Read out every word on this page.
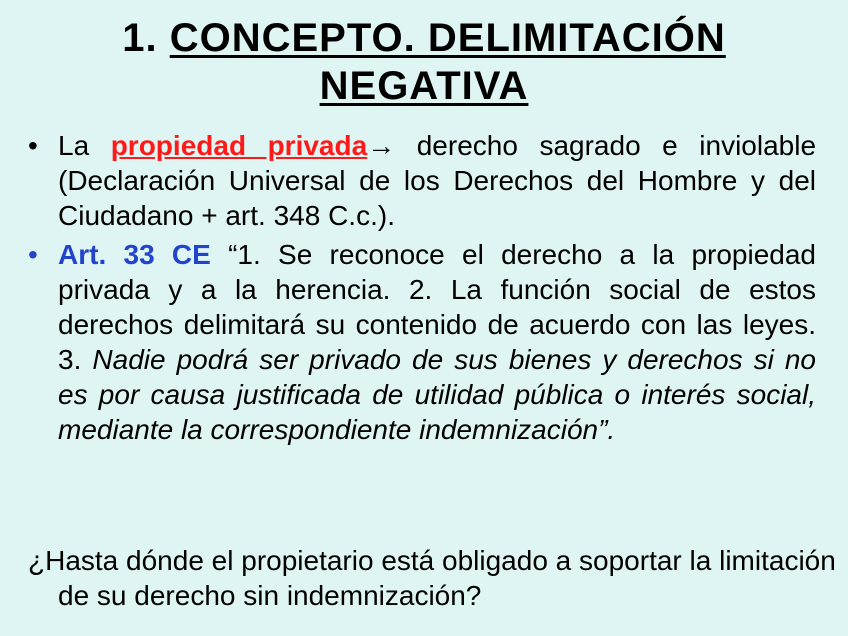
1. CONCEPTO. DELIMITACIÓN
NEGATIVA
• La propiedad privada→ derecho sagrado e inviolable (Declaración Universal de los Derechos del Hombre y del Ciudadano + art. 348 C.c.).
• Art. 33 CE “1. Se reconoce el derecho a la propiedad privada y a la herencia. 2. La función social de estos derechos delimitará su contenido de acuerdo con las leyes. 3. Nadie podrá ser privado de sus bienes y derechos si no es por causa justificada de utilidad pública o interés social, mediante la correspondiente indemnización”.
¿Hasta dónde el propietario está obligado a soportar la limitación de su derecho sin indemnización?
